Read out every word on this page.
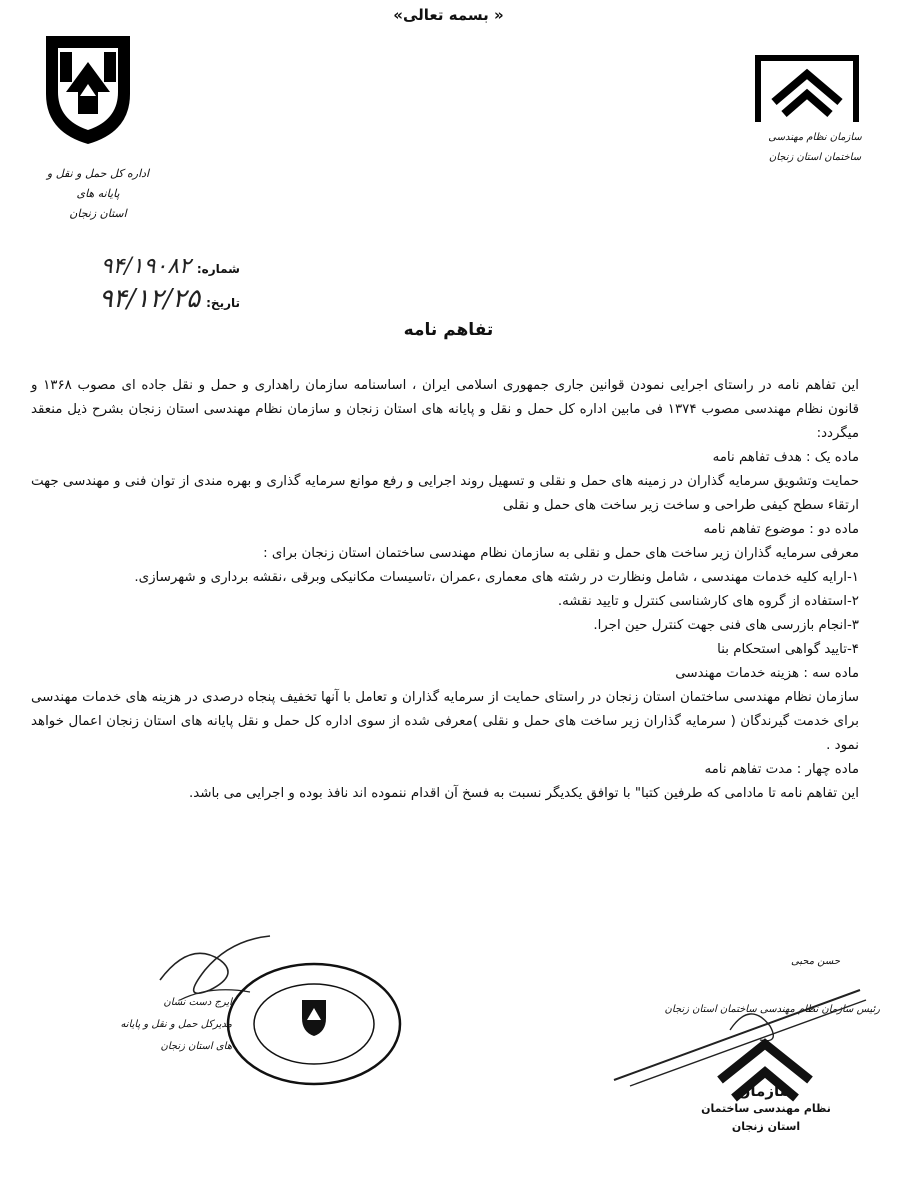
« بسمه تعالی»
اداره کل حمل و نقل و پایانه های
استان زنجان
سازمان نظام مهندسی
ساختمان استان زنجان
شماره:
۹۴/۱۹۰۸۲
تاریخ:
۹۴/۱۲/۲۵
تفاهم نامه

این تفاهم نامه در راستای اجرایی نمودن قوانین جاری جمهوری اسلامی ایران ، اساسنامه سازمان راهداری و حمل و نقل جاده ای مصوب ۱۳۶۸ و قانون نظام مهندسی مصوب ۱۳۷۴ فی مابین اداره کل حمل و نقل و پایانه های استان زنجان و سازمان نظام مهندسی استان زنجان بشرح ذیل منعقد میگردد:

ماده یک : هدف تفاهم نامه

حمایت وتشویق سرمایه گذاران در زمینه های حمل و نقلی و تسهیل روند اجرایی و رفع موانع سرمایه گذاری و بهره مندی از توان فنی و مهندسی جهت ارتقاء سطح کیفی طراحی و ساخت زیر ساخت های حمل و نقلی

ماده دو : موضوع تفاهم نامه

معرفی سرمایه گذاران زیر ساخت های حمل و نقلی به سازمان نظام مهندسی ساختمان استان زنجان برای :

۱-ارایه کلیه خدمات مهندسی ، شامل ونظارت در رشته های معماری ،عمران ،تاسیسات مکانیکی وبرقی ،نقشه برداری و شهرسازی.

۲-استفاده از گروه های کارشناسی کنترل و تایید نقشه.

۳-انجام بازرسی های فنی جهت کنترل حین اجرا.

۴-تایید گواهی استحکام بنا

ماده سه : هزینه خدمات مهندسی

سازمان نظام مهندسی ساختمان استان زنجان در راستای حمایت از سرمایه گذاران و تعامل با آنها تخفیف پنجاه درصدی در هزینه های خدمات مهندسی برای خدمت گیرندگان ( سرمایه گذاران زیر ساخت های حمل و نقلی )معرفی شده از سوی اداره کل حمل و نقل پایانه های استان زنجان اعمال خواهد نمود .

ماده چهار : مدت تفاهم نامه

این تفاهم نامه تا مادامی که طرفین کتبا" با توافق یکدیگر نسبت به فسخ آن اقدام ننموده اند نافذ بوده و اجرایی می باشد.

ایرج دست نشان
مدیرکل حمل و نقل و پایانه های استان زنجان
حسن محبی
رئیس سازمان نظام مهندسی ساختمان استان زنجان
سازمان
نظام مهندسی ساختمان
استان زنجان
